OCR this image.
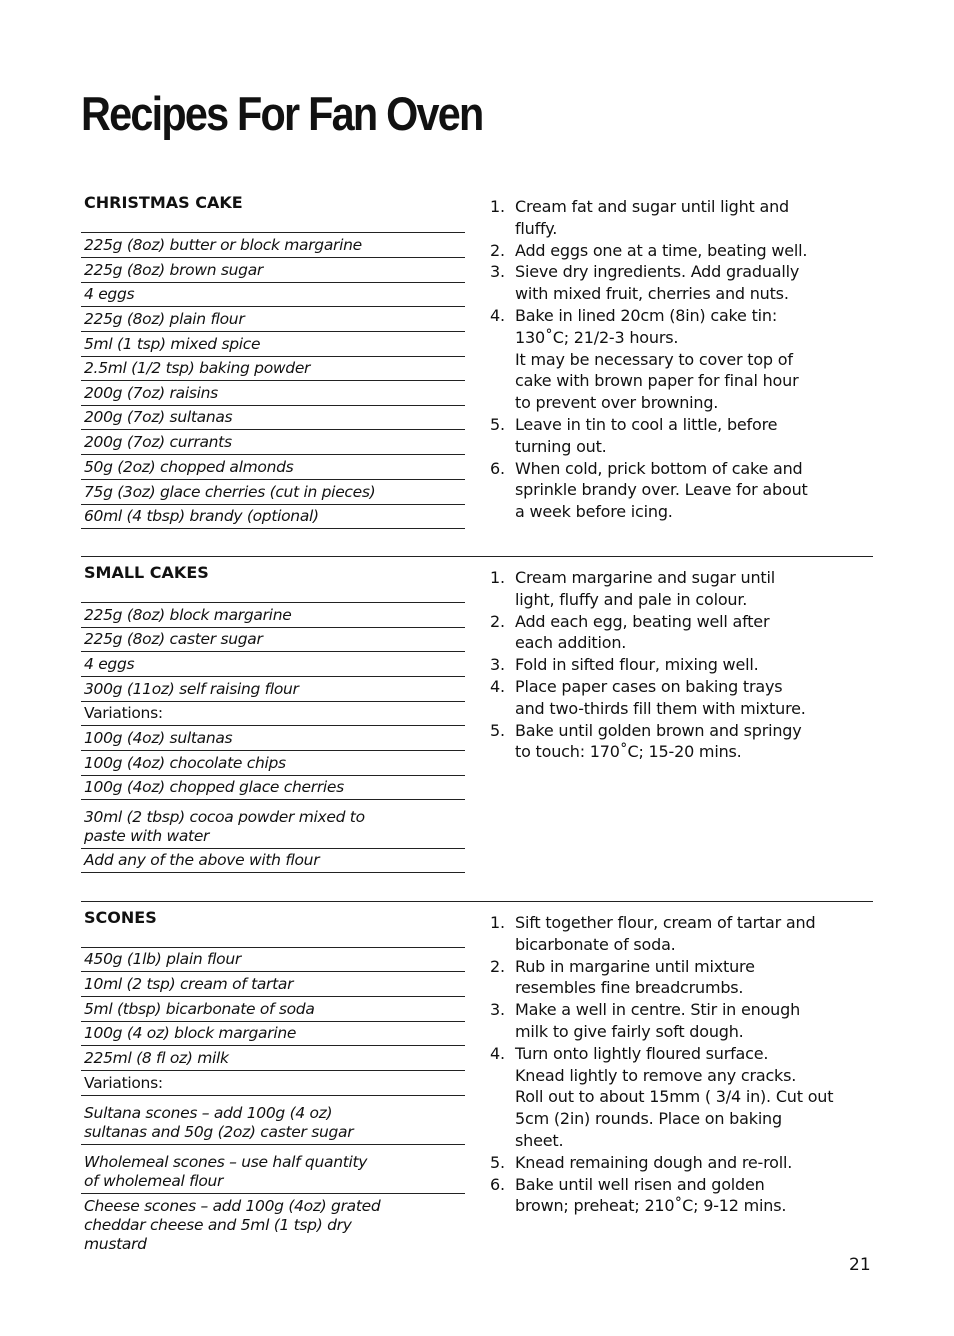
Recipes For Fan Oven
CHRISTMAS CAKE
225g (8oz) butter or block margarine
225g (8oz) brown sugar
4 eggs
225g (8oz) plain flour
5ml (1 tsp) mixed spice
2.5ml (1/2 tsp) baking powder
200g (7oz) raisins
200g (7oz) sultanas
200g (7oz) currants
50g (2oz) chopped almonds
75g (3oz) glace cherries (cut in pieces)
60ml (4 tbsp) brandy (optional)
1. Cream fat and sugar until light and
fluffy.
2. Add eggs one at a time, beating well.
3. Sieve dry ingredients. Add gradually
with mixed fruit, cherries and nuts.
4. Bake in lined 20cm (8in) cake tin:
130˚C; 21/2-3 hours.
It may be necessary to cover top of
cake with brown paper for final hour
to prevent over browning.
5. Leave in tin to cool a little, before
turning out.
6. When cold, prick bottom of cake and
sprinkle brandy over. Leave for about
a week before icing.
SMALL CAKES
225g (8oz) block margarine
225g (8oz) caster sugar
4 eggs
300g (11oz) self raising flour
Variations:
100g (4oz) sultanas
100g (4oz) chocolate chips
100g (4oz) chopped glace cherries
30ml (2 tbsp) cocoa powder mixed to
paste with water
Add any of the above with flour
1. Cream margarine and sugar until
light, fluffy and pale in colour.
2. Add each egg, beating well after
each addition.
3. Fold in sifted flour, mixing well.
4. Place paper cases on baking trays
and two-thirds fill them with mixture.
5. Bake until golden brown and springy
to touch: 170˚C; 15-20 mins.
SCONES
450g (1lb) plain flour
10ml (2 tsp) cream of tartar
5ml (tbsp) bicarbonate of soda
100g (4 oz) block margarine
225ml (8 fl oz) milk
Variations:
Sultana scones – add 100g (4 oz)
sultanas and 50g (2oz) caster sugar
Wholemeal scones – use half quantity
of wholemeal flour
Cheese scones – add 100g (4oz) grated
cheddar cheese and 5ml (1 tsp) dry
mustard
1. Sift together flour, cream of tartar and
bicarbonate of soda.
2. Rub in margarine until mixture
resembles fine breadcrumbs.
3. Make a well in centre. Stir in enough
milk to give fairly soft dough.
4. Turn onto lightly floured surface.
Knead lightly to remove any cracks.
Roll out to about 15mm ( 3/4 in). Cut out
5cm (2in) rounds. Place on baking
sheet.
5. Knead remaining dough and re-roll.
6. Bake until well risen and golden
brown; preheat; 210˚C; 9-12 mins.
21
